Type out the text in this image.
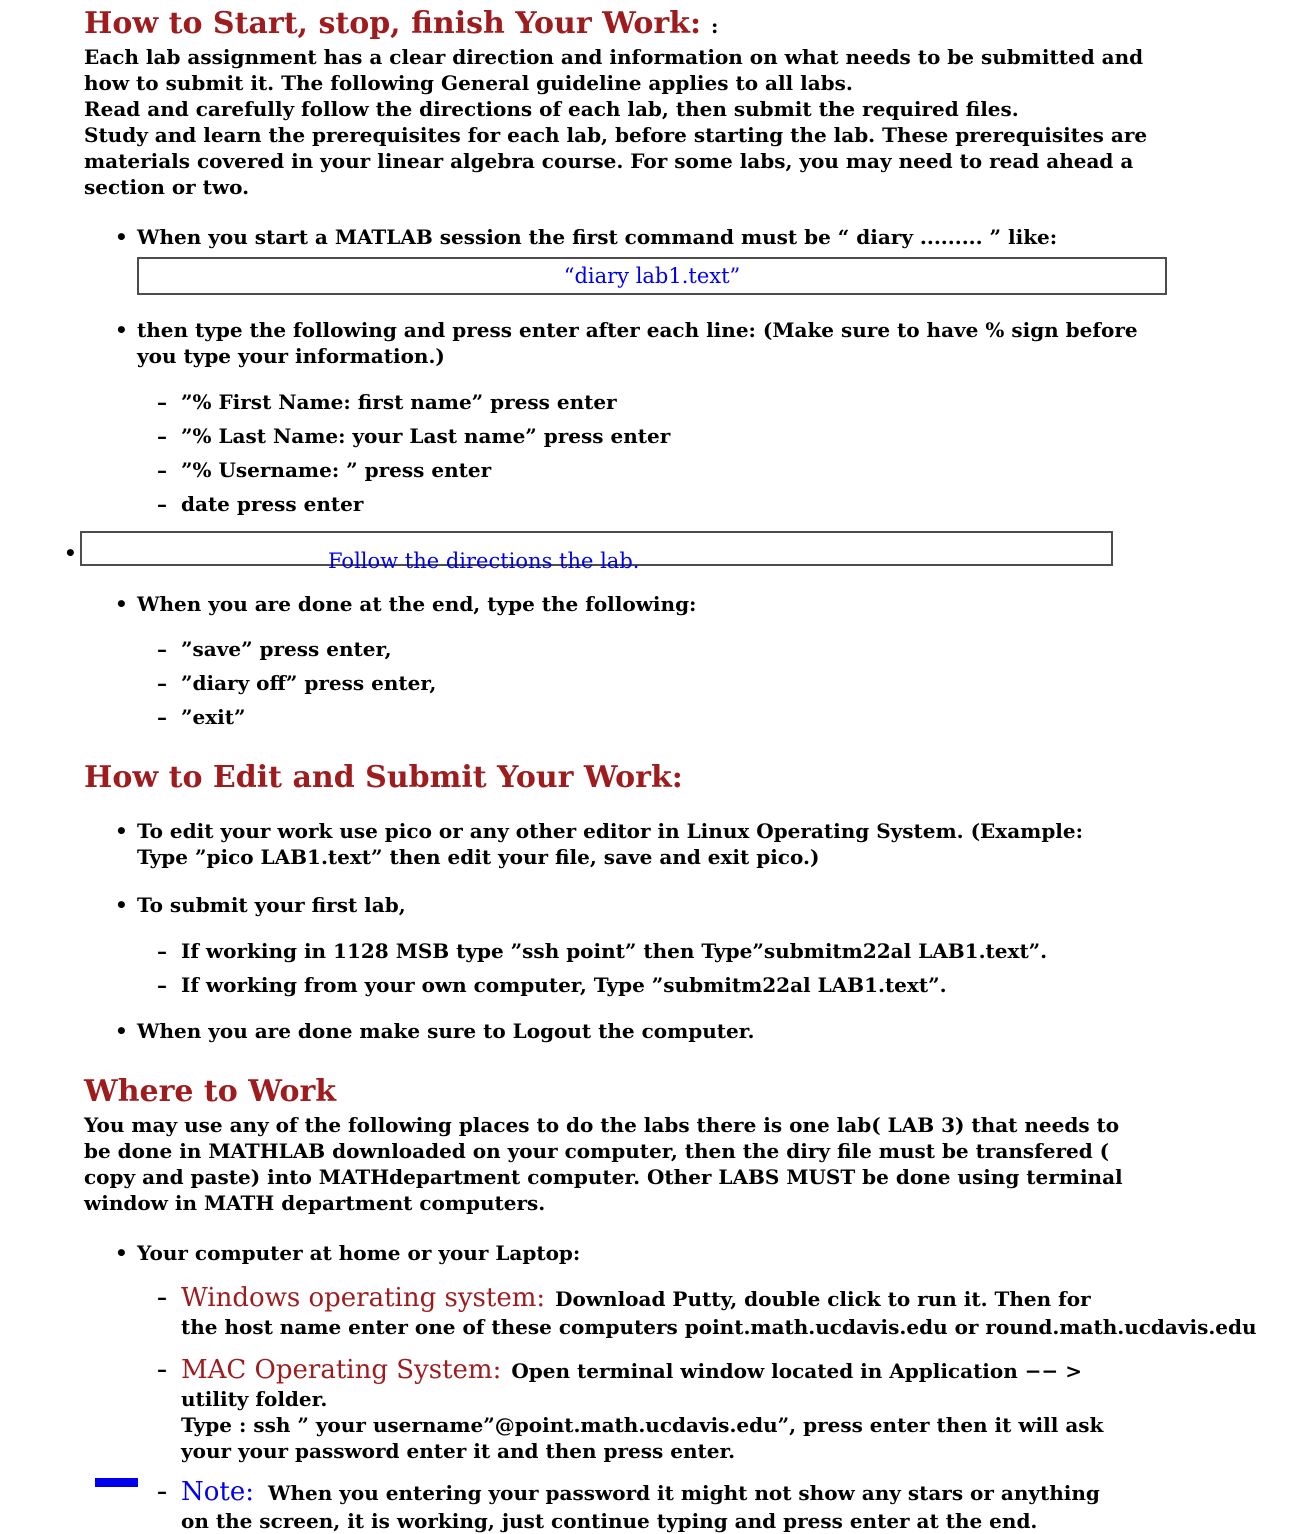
How to Start, stop, finish Your Work: :
Each lab assignment has a clear direction and information on what needs to be submitted and
how to submit it. The following General guideline applies to all labs.
Read and carefully follow the directions of each lab, then submit the required files.
Study and learn the prerequisites for each lab, before starting the lab. These prerequisites are
materials covered in your linear algebra course. For some labs, you may need to read ahead a
section or two.
• When you start a MATLAB session the first command must be “ diary ......... ” like:
“diary lab1.text”
• then type the following and press enter after each line: (Make sure to have % sign before
you type your information.)
– ”% First Name: first name” press enter
– ”% Last Name: your Last name” press enter
– ”% Username: ” press enter
– date press enter
•	Follow the directions the lab.
• When you are done at the end, type the following:
– ”save” press enter,
– ”diary off” press enter,
– ”exit”
How to Edit and Submit Your Work:
• To edit your work use pico or any other editor in Linux Operating System. (Example:
Type ”pico LAB1.text” then edit your file, save and exit pico.)
• To submit your first lab,
– If working in 1128 MSB type ”ssh point” then Type”submitm22al LAB1.text”.
– If working from your own computer, Type ”submitm22al LAB1.text”.
• When you are done make sure to Logout the computer.
Where to Work
You may use any of the following places to do the labs there is one lab( LAB 3) that needs to
be done in MATHLAB downloaded on your computer, then the diry file must be transfered (
copy and paste) into MATHdepartment computer. Other LABS MUST be done using terminal
window in MATH department computers.
• Your computer at home or your Laptop:
– Windows operating system: Download Putty, double click to run it. Then for
the host name enter one of these computers point.math.ucdavis.edu or round.math.ucdavis.edu
– MAC Operating System: Open terminal window located in Application −− >
utility folder.
Type : ssh ” your username”@point.math.ucdavis.edu”, press enter then it will ask
your your password enter it and then press enter.
– Note: When you entering your password it might not show any stars or anything
on the screen, it is working, just continue typing and press enter at the end.
